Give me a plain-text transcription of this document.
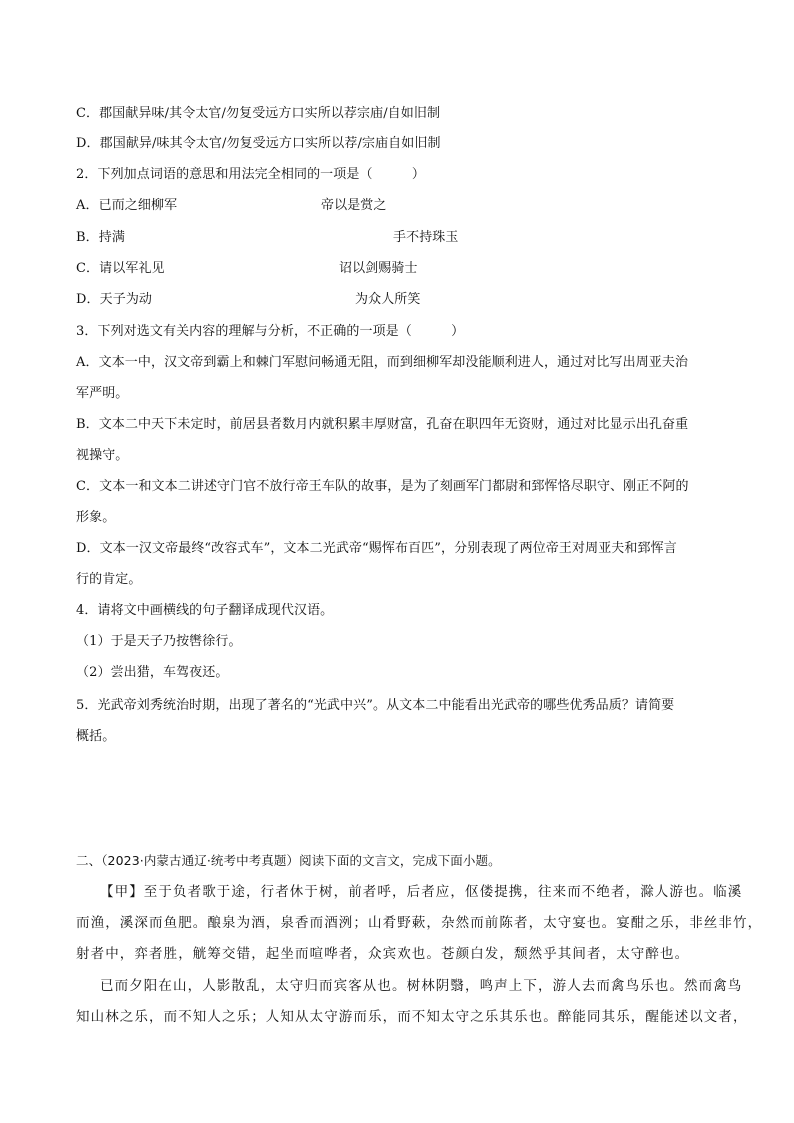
C．郡国献异味/其令太官/勿复受远方口实所以荐宗庙/自如旧制
D．郡国献异/味其令太官/勿复受远方口实所以荐/宗庙自如旧制
2．下列加点词语的意思和用法完全相同的一项是（　　　）
A．已而之细柳军	帝以是赏之
B．持满	手不持珠玉
C．请以军礼见	诏以剑赐骑士
D．天子为动	为众人所笑
3．下列对选文有关内容的理解与分析，不正确的一项是（　　　）
A．文本一中，汉文帝到霸上和棘门军慰问畅通无阻，而到细柳军却没能顺利进人，通过对比写出周亚夫治
军严明。
B．文本二中天下未定时，前居县者数月内就积累丰厚财富，孔奋在职四年无资财，通过对比显示出孔奋重
视操守。
C．文本一和文本二讲述守门官不放行帝王车队的故事，是为了刻画军门都尉和郅恽恪尽职守、刚正不阿的
形象。
D．文本一汉文帝最终“改容式车”，文本二光武帝“赐恽布百匹”，分别表现了两位帝王对周亚夫和郅恽言
行的肯定。
4．请将文中画横线的句子翻译成现代汉语。
（1）于是天子乃按辔徐行。
（2）尝出猎，车驾夜还。
5．光武帝刘秀统治时期，出现了著名的“光武中兴”。从文本二中能看出光武帝的哪些优秀品质？请简要
概括。
二、（2023·内蒙古通辽·统考中考真题）阅读下面的文言文，完成下面小题。
【甲】至于负者歌于途，行者休于树，前者呼，后者应，伛偻提携，往来而不绝者，滁人游也。临溪
而渔，溪深而鱼肥。酿泉为酒，泉香而酒洌；山肴野蔌，杂然而前陈者，太守宴也。宴酣之乐，非丝非竹，
射者中，弈者胜，觥筹交错，起坐而喧哗者，众宾欢也。苍颜白发，颓然乎其间者，太守醉也。
已而夕阳在山，人影散乱，太守归而宾客从也。树林阴翳，鸣声上下，游人去而禽鸟乐也。然而禽鸟
知山林之乐，而不知人之乐；人知从太守游而乐，而不知太守之乐其乐也。醉能同其乐，醒能述以文者，
